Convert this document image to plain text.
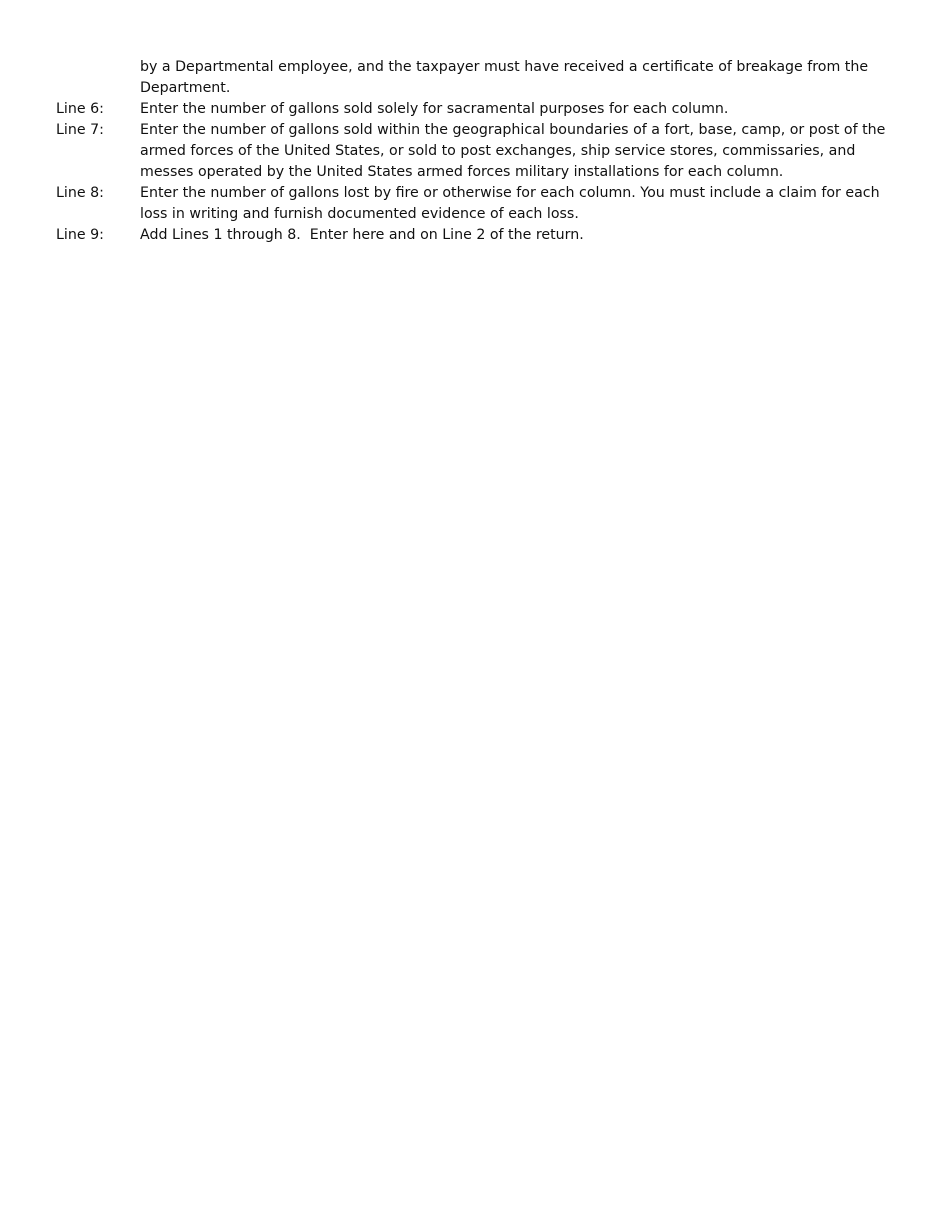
by a Departmental employee, and the taxpayer must have received a certificate of breakage from the Department.
Line 6:	Enter the number of gallons sold solely for sacramental purposes for each column.
Line 7:	Enter the number of gallons sold within the geographical boundaries of a fort, base, camp, or post of the armed forces of the United States, or sold to post exchanges, ship service stores, commissaries, and messes operated by the United States armed forces military installations for each column.
Line 8:	Enter the number of gallons lost by fire or otherwise for each column. You must include a claim for each loss in writing and furnish documented evidence of each loss.
Line 9:	Add Lines 1 through 8.  Enter here and on Line 2 of the return.
